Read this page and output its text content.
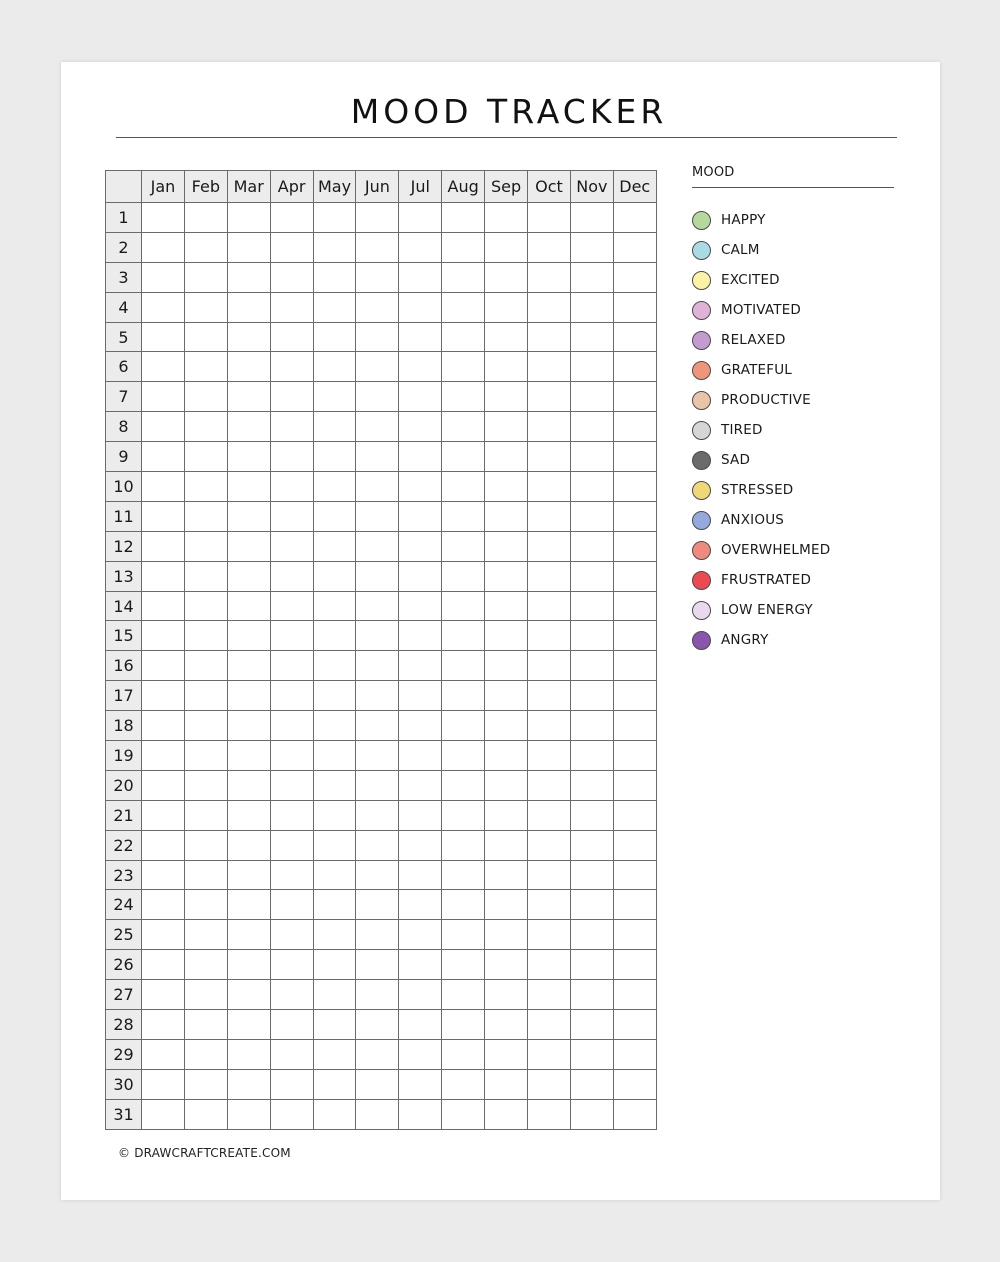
MOOD TRACKER
	Jan	Feb	Mar	Apr	May	Jun	Jul	Aug	Sep	Oct	Nov	Dec
1												
2												
3												
4												
5												
6												
7												
8												
9												
10												
11												
12												
13												
14												
15												
16												
17												
18												
19												
20												
21												
22												
23												
24												
25												
26												
27												
28												
29												
30												
31												
MOOD
HAPPY
CALM
EXCITED
MOTIVATED
RELAXED
GRATEFUL
PRODUCTIVE
TIRED
SAD
STRESSED
ANXIOUS
OVERWHELMED
FRUSTRATED
LOW ENERGY
ANGRY
© DRAWCRAFTCREATE.COM
